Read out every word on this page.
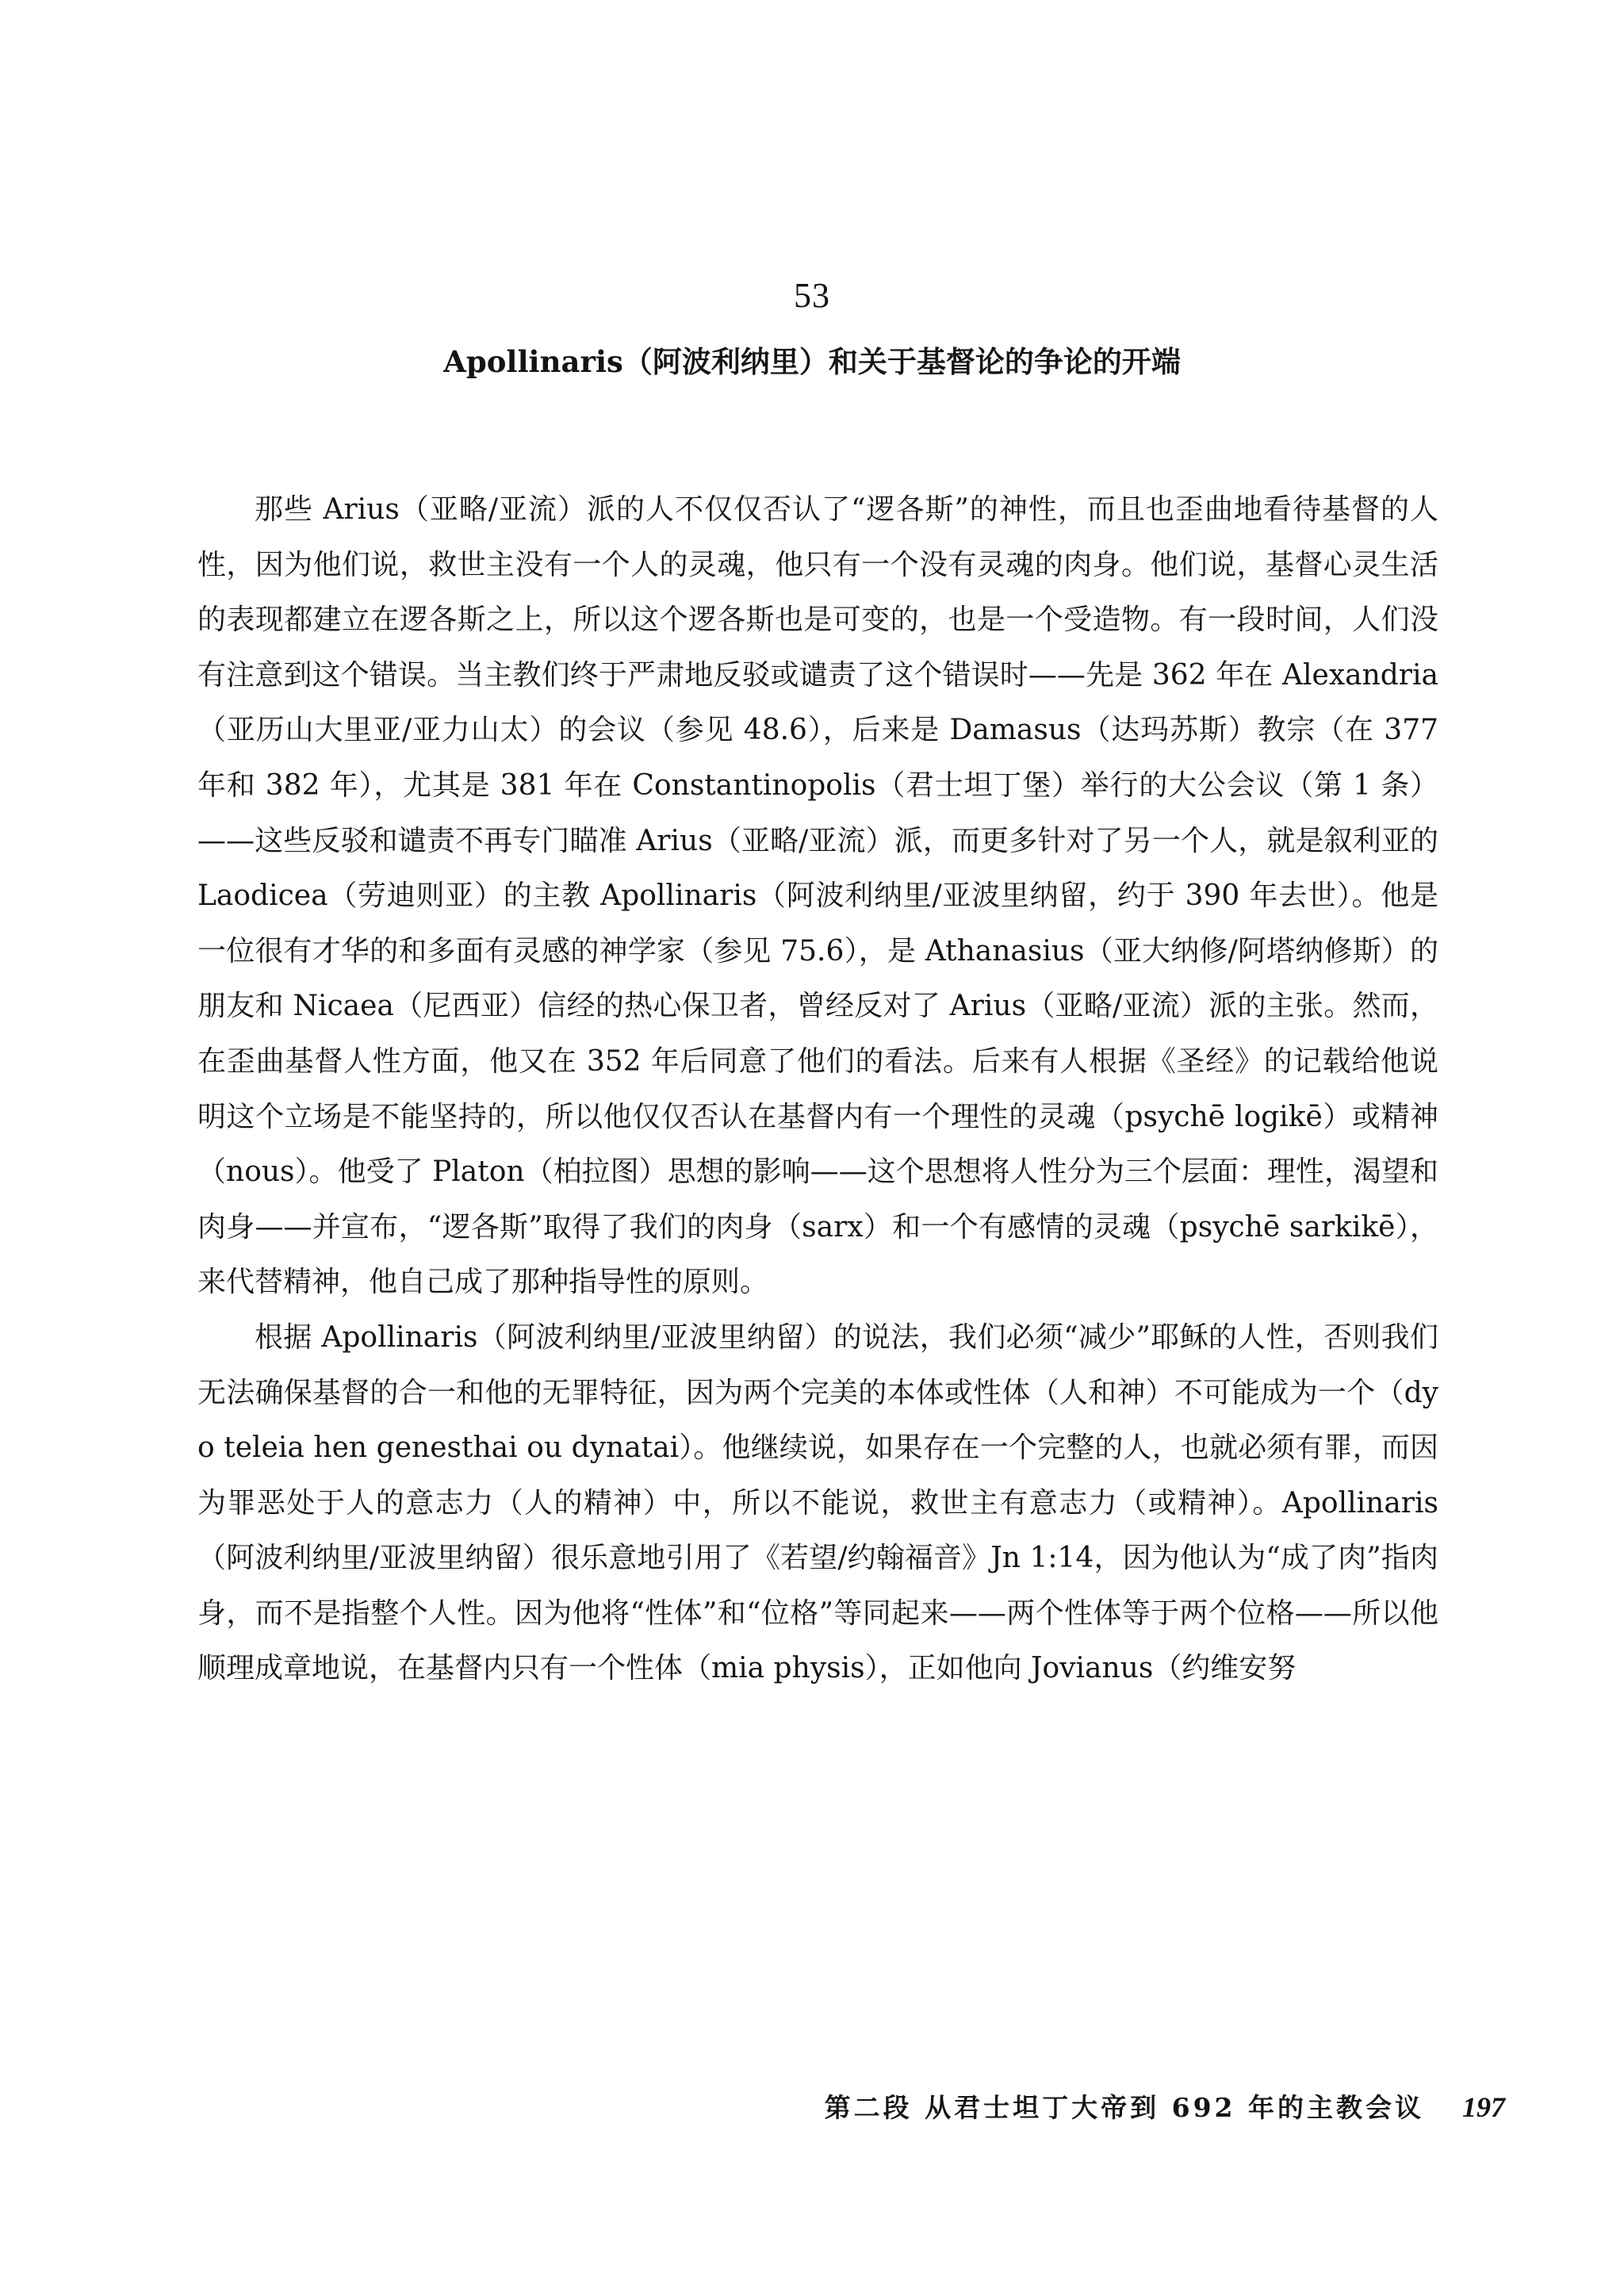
53
Apollinaris（阿波利纳里）和关于基督论的争论的开端

那些 Arius（亚略/亚流）派的人不仅仅否认了“逻各斯”的神性，而且也歪曲地看待基督的人性，因为他们说，救世主没有一个人的灵魂，他只有一个没有灵魂的肉身。他们说，基督心灵生活的表现都建立在逻各斯之上，所以这个逻各斯也是可变的，也是一个受造物。有一段时间，人们没有注意到这个错误。当主教们终于严肃地反驳或谴责了这个错误时——先是 362 年在 Alexandria（亚历山大里亚/亚力山太）的会议（参见 48.6），后来是 Damasus（达玛苏斯）教宗（在 377 年和 382 年），尤其是 381 年在 Constantinopolis（君士坦丁堡）举行的大公会议（第 1 条）——这些反驳和谴责不再专门瞄准 Arius（亚略/亚流）派，而更多针对了另一个人，就是叙利亚的 Laodicea（劳迪则亚）的主教 Apollinaris（阿波利纳里/亚波里纳留，约于 390 年去世）。他是一位很有才华的和多面有灵感的神学家（参见 75.6），是 Athanasius（亚大纳修/阿塔纳修斯）的朋友和 Nicaea（尼西亚）信经的热心保卫者，曾经反对了 Arius（亚略/亚流）派的主张。然而，在歪曲基督人性方面，他又在 352 年后同意了他们的看法。后来有人根据《圣经》的记载给他说明这个立场是不能坚持的，所以他仅仅否认在基督内有一个理性的灵魂（psychē logikē）或精神（nous）。他受了 Platon（柏拉图）思想的影响——这个思想将人性分为三个层面：理性，渴望和肉身——并宣布，“逻各斯”取得了我们的肉身（sarx）和一个有感情的灵魂（psychē sarkikē），来代替精神，他自己成了那种指导性的原则。

根据 Apollinaris（阿波利纳里/亚波里纳留）的说法，我们必须“减少”耶稣的人性，否则我们无法确保基督的合一和他的无罪特征，因为两个完美的本体或性体（人和神）不可能成为一个（dyo teleia hen genesthai ou dynatai）。他继续说，如果存在一个完整的人，也就必须有罪，而因为罪恶处于人的意志力（人的精神）中，所以不能说，救世主有意志力（或精神）。Apollinaris（阿波利纳里/亚波里纳留）很乐意地引用了《若望/约翰福音》Jn 1:14，因为他认为“成了肉”指肉身，而不是指整个人性。因为他将“性体”和“位格”等同起来——两个性体等于两个位格——所以他顺理成章地说，在基督内只有一个性体（mia physis），正如他向 Jovianus（约维安努

第二段 从君士坦丁大帝到 692 年的主教会议 197
